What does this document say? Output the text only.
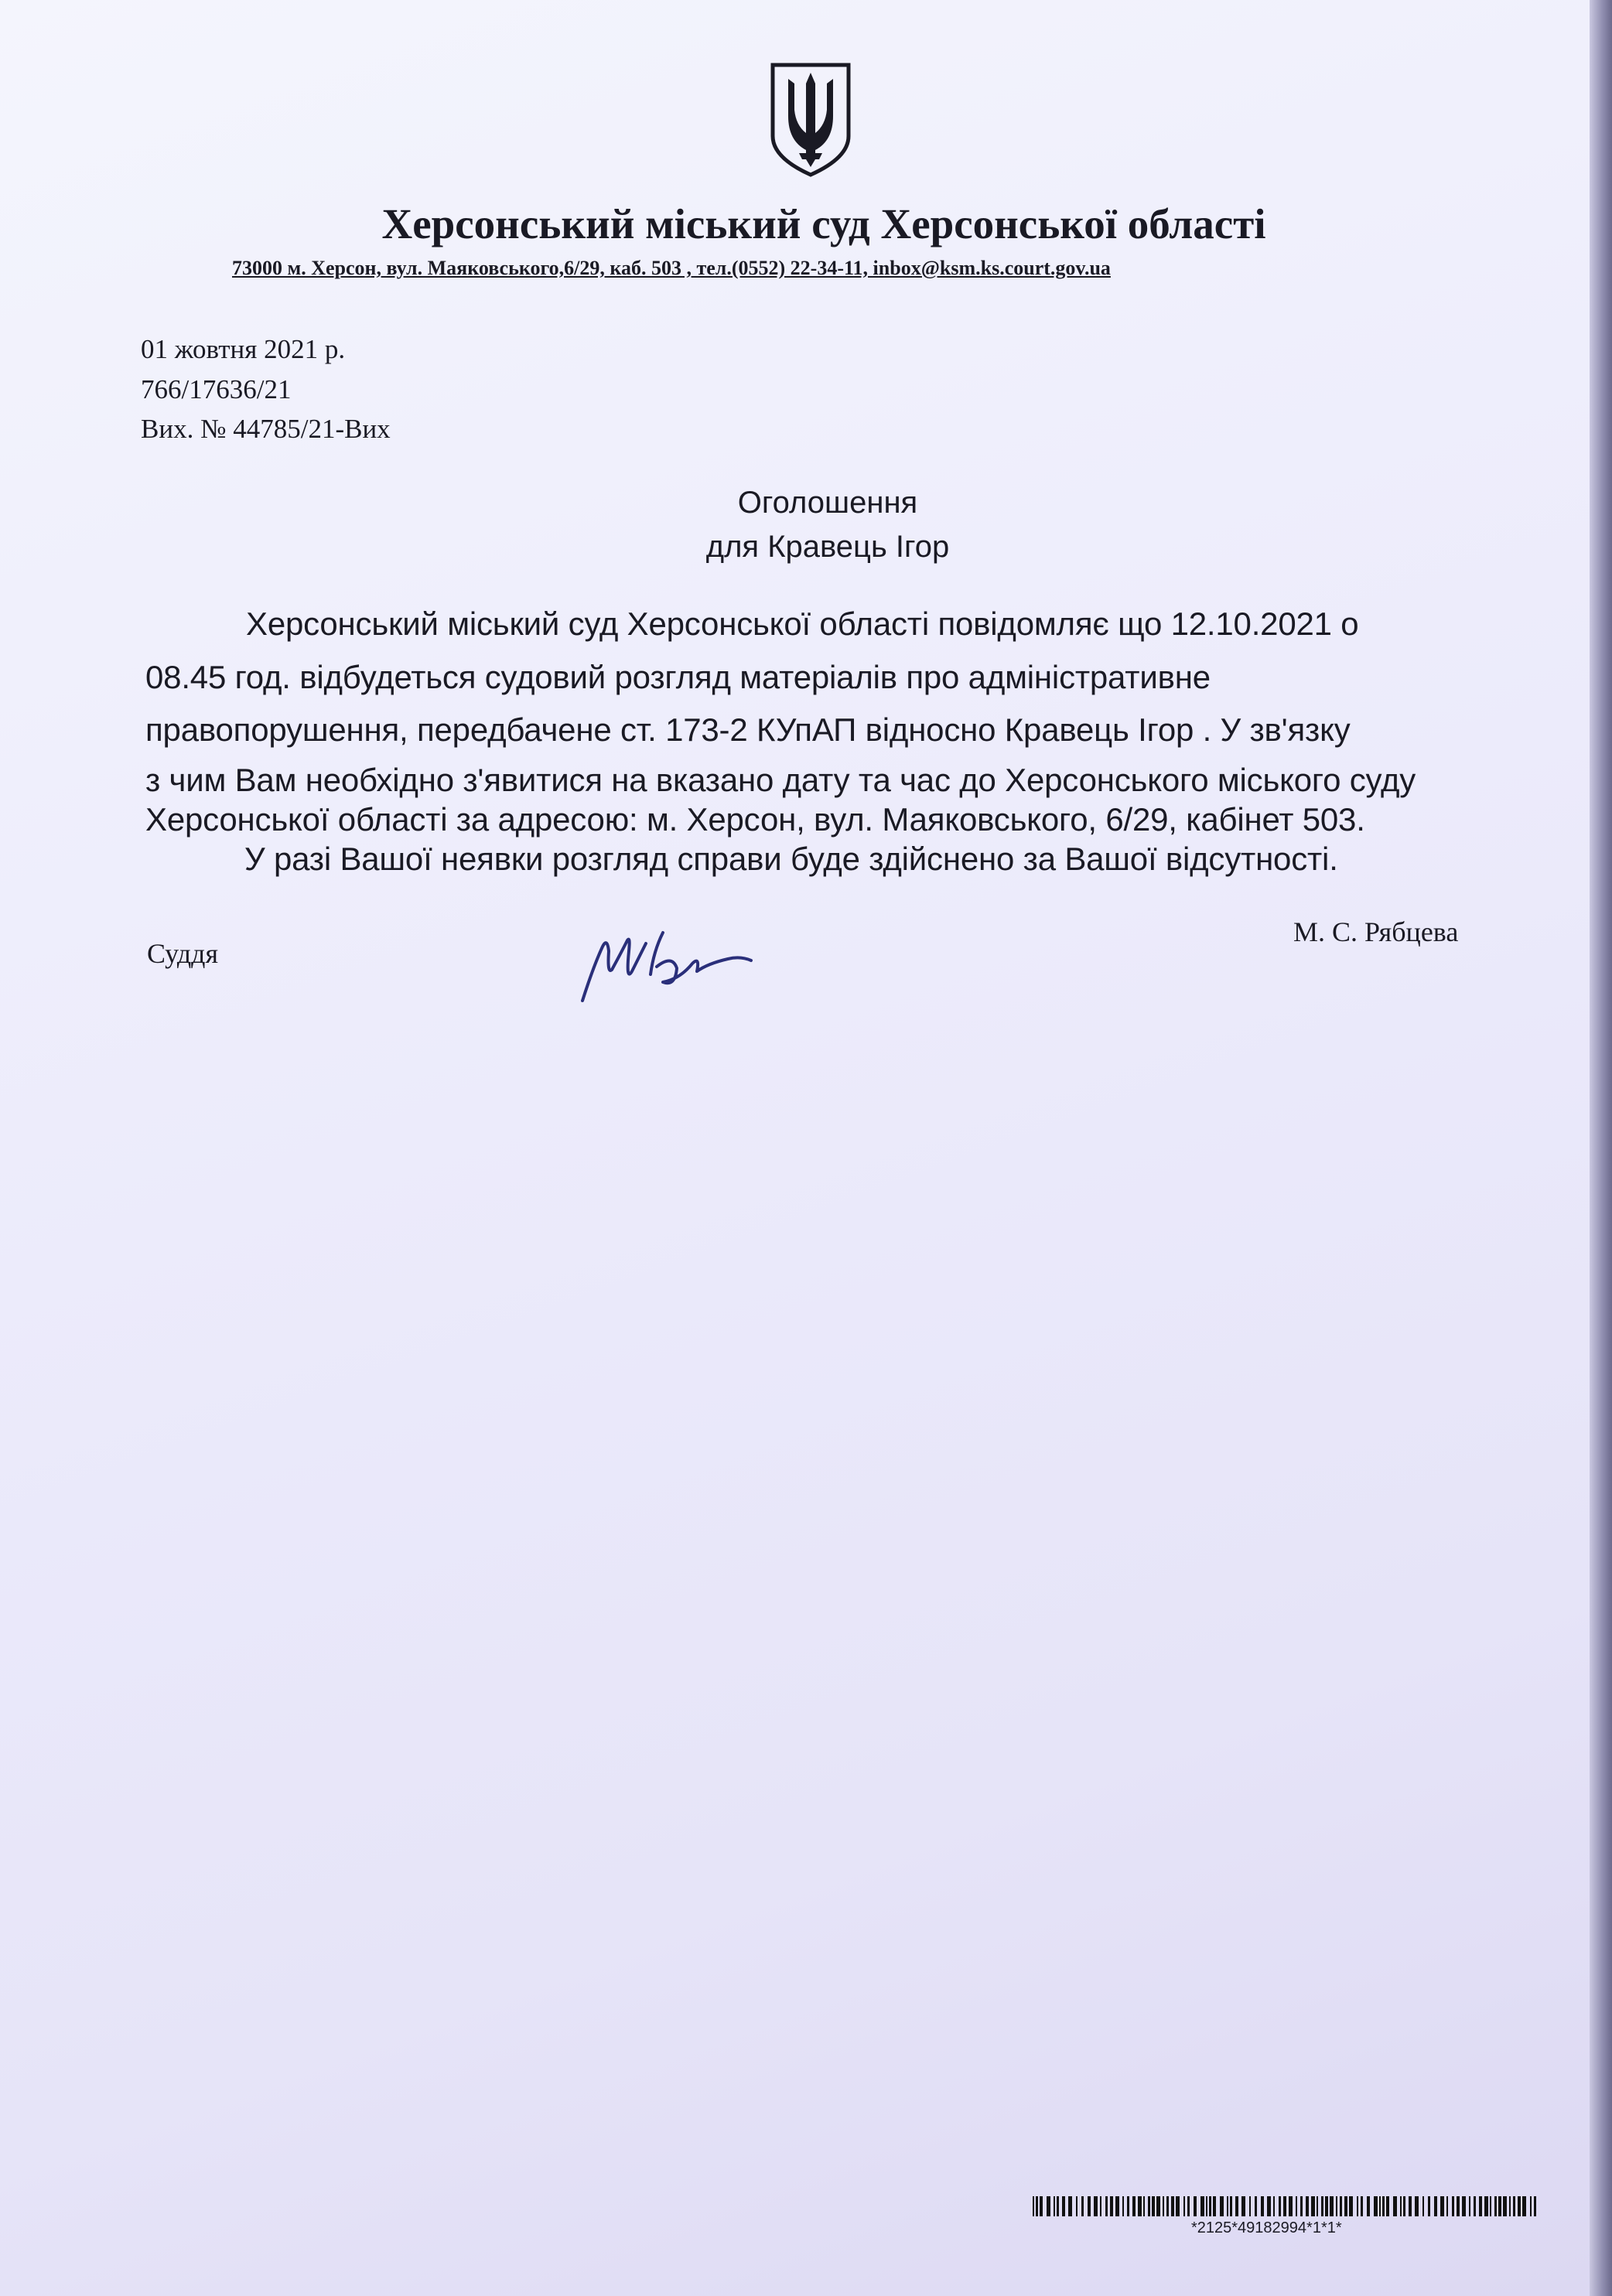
Херсонський міський суд Херсонської області
73000 м. Херсон, вул. Маяковського,6/29, каб. 503 , тел.(0552) 22-34-11, inbox@ksm.ks.court.gov.ua
01 жовтня 2021 р.
766/17636/21
Вих. № 44785/21-Вих
Оголошення
для Кравець Ігор
Херсонський міський суд Херсонської області повідомляє що 12.10.2021 о
08.45 год. відбудеться судовий розгляд матеріалів про адміністративне
правопорушення, передбачене ст. 173-2 КУпАП відносно Кравець Ігор . У зв'язку
з чим Вам необхідно з'явитися на вказано дату та час до Херсонського міського суду
Херсонської області за адресою: м. Херсон, вул. Маяковського, 6/29, кабінет 503.
У разі Вашої неявки розгляд справи буде здійснено за Вашої відсутності.
Суддя
М. С. Рябцева
*2125*49182994*1*1*
